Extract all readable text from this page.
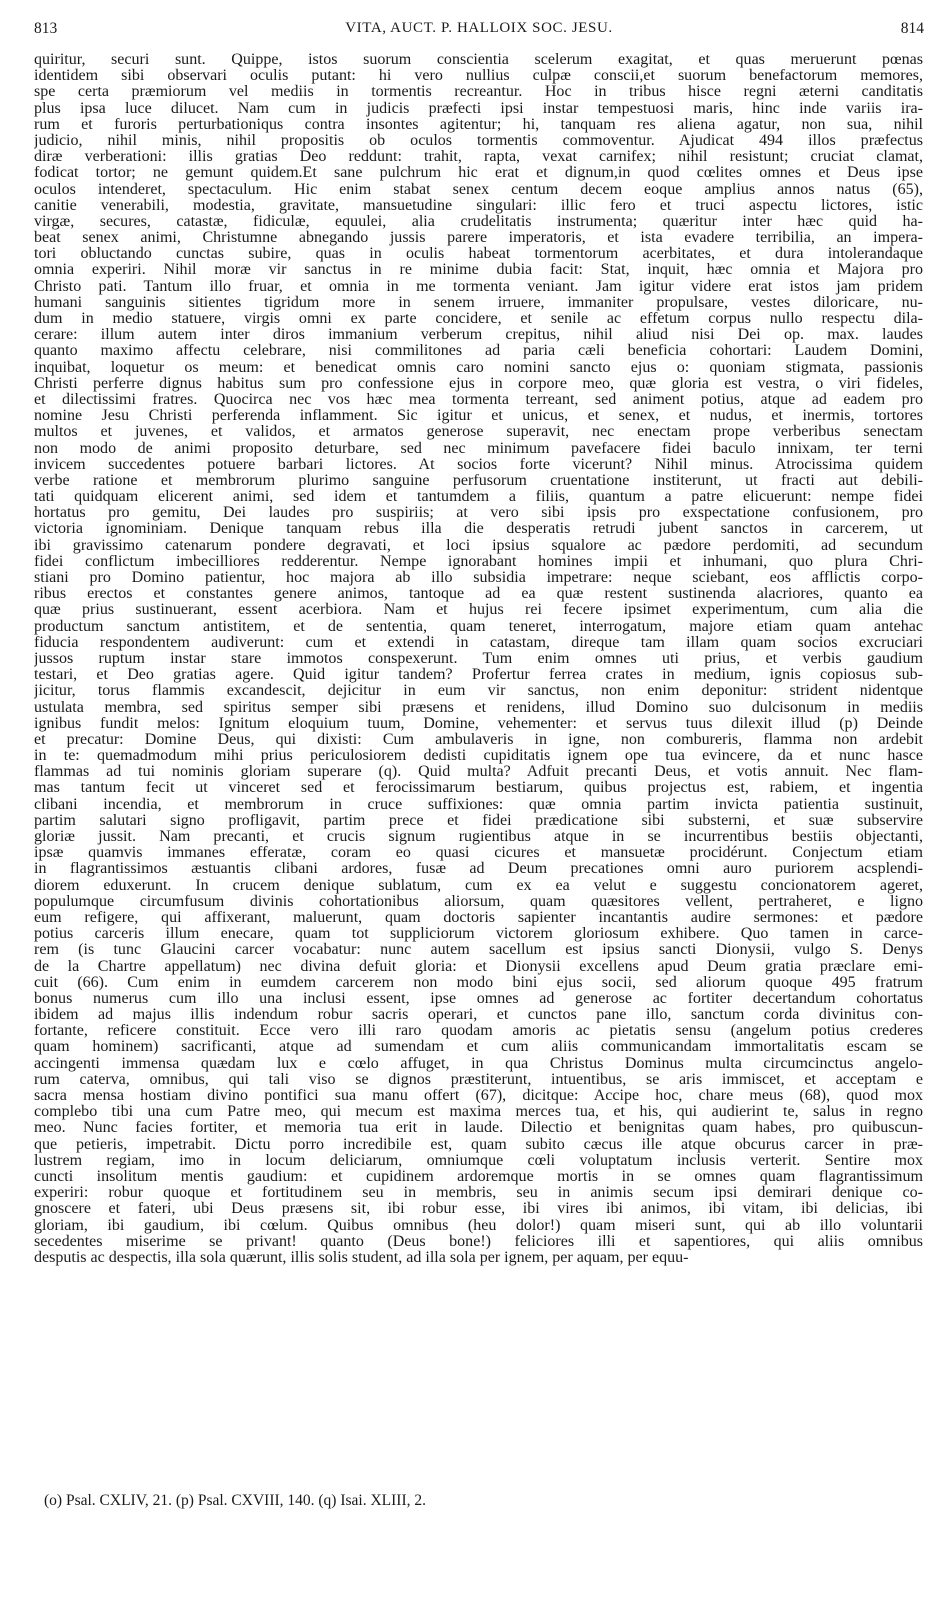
813	VITA, AUCT. P. HALLOIX SOC. JESU.	814
quiritur, securi sunt. Quippe, istos suorum conscientia scelerum exagitat, et quas meruerunt pœnas
identidem sibi observari oculis putant: hi vero nullius culpæ conscii,et suorum benefactorum memores,
spe certa præmiorum vel mediis in tormentis recreantur. Hoc in tribus hisce regni æterni canditatis
plus ipsa luce dilucet. Nam cum in judicis præfecti ipsi instar tempestuosi maris, hinc inde variis ira-
rum et furoris perturbationiqus contra insontes agitentur; hi, tanquam res aliena agatur, non sua, nihil
judicio, nihil minis, nihil propositis ob oculos tormentis commoventur. Ajudicat 494 illos præfectus
diræ verberationi: illis gratias Deo reddunt: trahit, rapta, vexat carnifex; nihil resistunt; cruciat clamat,
fodicat tortor; ne gemunt quidem.Et sane pulchrum hic erat et dignum,in quod cœlites omnes et Deus ipse
oculos intenderet, spectaculum. Hic enim stabat senex centum decem eoque amplius annos natus (65),
canitie venerabili, modestia, gravitate, mansuetudine singulari: illic fero et truci aspectu lictores, istic
virgæ, secures, catastæ, fidiculæ, equulei, alia crudelitatis instrumenta; quæritur inter hæc quid ha-
beat senex animi, Christumne abnegando jussis parere imperatoris, et ista evadere terribilia, an impera-
tori obluctando cunctas subire, quas in oculis habeat tormentorum acerbitates, et dura intolerandaque
omnia experiri. Nihil moræ vir sanctus in re minime dubia facit: Stat, inquit, hæc omnia et Majora pro
Christo pati. Tantum illo fruar, et omnia in me tormenta veniant. Jam igitur videre erat istos jam pridem
humani sanguinis sitientes tigridum more in senem irruere, immaniter propulsare, vestes diloricare, nu-
dum in medio statuere, virgis omni ex parte concidere, et senile ac effetum corpus nullo respectu dila-
cerare: illum autem inter diros immanium verberum crepitus, nihil aliud nisi Dei op. max. laudes
quanto maximo affectu celebrare, nisi commilitones ad paria cæli beneficia cohortari: Laudem Domini,
inquibat, loquetur os meum: et benedicat omnis caro nomini sancto ejus o: quoniam stigmata, passionis
Christi perferre dignus habitus sum pro confessione ejus in corpore meo, quæ gloria est vestra, o viri fideles,
et dilectissimi fratres. Quocirca nec vos hæc mea tormenta terreant, sed animent potius, atque ad eadem pro
nomine Jesu Christi perferenda inflamment. Sic igitur et unicus, et senex, et nudus, et inermis, tortores
multos et juvenes, et validos, et armatos generose superavit, nec enectam prope verberibus senectam
non modo de animi proposito deturbare, sed nec minimum pavefacere fidei baculo innixam, ter terni
invicem succedentes potuere barbari lictores. At socios forte vicerunt? Nihil minus. Atrocissima quidem
verbe ratione et membrorum plurimo sanguine perfusorum cruentatione institerunt, ut fracti aut debili-
tati quidquam elicerent animi, sed idem et tantumdem a filiis, quantum a patre elicuerunt: nempe fidei
hortatus pro gemitu, Dei laudes pro suspiriis; at vero sibi ipsis pro exspectatione confusionem, pro
victoria ignominiam. Denique tanquam rebus illa die desperatis retrudi jubent sanctos in carcerem, ut
ibi gravissimo catenarum pondere degravati, et loci ipsius squalore ac pædore perdomiti, ad secundum
fidei conflictum imbecilliores redderentur. Nempe ignorabant homines impii et inhumani, quo plura Chri-
stiani pro Domino patientur, hoc majora ab illo subsidia impetrare: neque sciebant, eos afflictis corpo-
ribus erectos et constantes genere animos, tantoque ad ea quæ restent sustinenda alacriores, quanto ea
quæ prius sustinuerant, essent acerbiora. Nam et hujus rei fecere ipsimet experimentum, cum alia die
productum sanctum antistitem, et de sententia, quam teneret, interrogatum, majore etiam quam antehac
fiducia respondentem audiverunt: cum et extendi in catastam, direque tam illam quam socios excruciari
jussos ruptum instar stare immotos conspexerunt. Tum enim omnes uti prius, et verbis gaudium
testari, et Deo gratias agere. Quid igitur tandem? Profertur ferrea crates in medium, ignis copiosus sub-
jicitur, torus flammis excandescit, dejicitur in eum vir sanctus, non enim deponitur: strident nidentque
ustulata membra, sed spiritus semper sibi præsens et renidens, illud Domino suo dulcisonum in mediis
ignibus fundit melos: Ignitum eloquium tuum, Domine, vehementer: et servus tuus dilexit illud (p) Deinde
et precatur: Domine Deus, qui dixisti: Cum ambulaveris in igne, non combureris, flamma non ardebit
in te: quemadmodum mihi prius periculosiorem dedisti cupiditatis ignem ope tua evincere, da et nunc hasce
flammas ad tui nominis gloriam superare (q). Quid multa? Adfuit precanti Deus, et votis annuit. Nec flam-
mas tantum fecit ut vinceret sed et ferocissimarum bestiarum, quibus projectus est, rabiem, et ingentia
clibani incendia, et membrorum in cruce suffixiones: quæ omnia partim invicta patientia sustinuit,
partim salutari signo profligavit, partim prece et fidei prædicatione sibi substerni, et suæ subservire
gloriæ jussit. Nam precanti, et crucis signum rugientibus atque in se incurrentibus bestiis objectanti,
ipsæ quamvis immanes efferatæ, coram eo quasi cicures et mansuetæ procidérunt. Conjectum etiam
in flagrantissimos æstuantis clibani ardores, fusæ ad Deum precationes omni auro puriorem acsplendi-
diorem eduxerunt. In crucem denique sublatum, cum ex ea velut e suggestu concionatorem ageret,
populumque circumfusum divinis cohortationibus aliorsum, quam quæsitores vellent, pertraheret, e ligno
eum refigere, qui affixerant, maluerunt, quam doctoris sapienter incantantis audire sermones: et pædore
potius carceris illum enecare, quam tot suppliciorum victorem gloriosum exhibere. Quo tamen in carce-
rem (is tunc Glaucini carcer vocabatur: nunc autem sacellum est ipsius sancti Dionysii, vulgo S. Denys
de la Chartre appellatum) nec divina defuit gloria: et Dionysii excellens apud Deum gratia præclare emi-
cuit (66). Cum enim in eumdem carcerem non modo bini ejus socii, sed aliorum quoque 495 fratrum
bonus numerus cum illo una inclusi essent, ipse omnes ad generose ac fortiter decertandum cohortatus
ibidem ad majus illis indendum robur sacris operari, et cunctos pane illo, sanctum corda divinitus con-
fortante, reficere constituit. Ecce vero illi raro quodam amoris ac pietatis sensu (angelum potius crederes
quam hominem) sacrificanti, atque ad sumendam et cum aliis communicandam immortalitatis escam se
accingenti immensa quædam lux e cœlo affuget, in qua Christus Dominus multa circumcinctus angelo-
rum caterva, omnibus, qui tali viso se dignos præstiterunt, intuentibus, se aris immiscet, et acceptam e
sacra mensa hostiam divino pontifici sua manu offert (67), dicitque: Accipe hoc, chare meus (68), quod mox
complebo tibi una cum Patre meo, qui mecum est maxima merces tua, et his, qui audierint te, salus in regno
meo. Nunc facies fortiter, et memoria tua erit in laude. Dilectio et benignitas quam habes, pro quibuscun-
que petieris, impetrabit. Dictu porro incredibile est, quam subito cæcus ille atque obcurus carcer in præ-
lustrem regiam, imo in locum deliciarum, omniumque cœli voluptatum inclusis verterit. Sentire mox
cuncti insolitum mentis gaudium: et cupidinem ardoremque mortis in se omnes quam flagrantissimum
experiri: robur quoque et fortitudinem seu in membris, seu in animis secum ipsi demirari denique co-
gnoscere et fateri, ubi Deus præsens sit, ibi robur esse, ibi vires ibi animos, ibi vitam, ibi delicias, ibi
gloriam, ibi gaudium, ibi cœlum. Quibus omnibus (heu dolor!) quam miseri sunt, qui ab illo voluntarii
secedentes miserime se privant! quanto (Deus bone!) feliciores illi et sapentiores, qui aliis omnibus
desputis ac despectis, illa sola quærunt, illis solis student, ad illa sola per ignem, per aquam, per equu-
(o) Psal. CXLIV, 21. (p) Psal. CXVIII, 140. (q) Isai. XLIII, 2.
